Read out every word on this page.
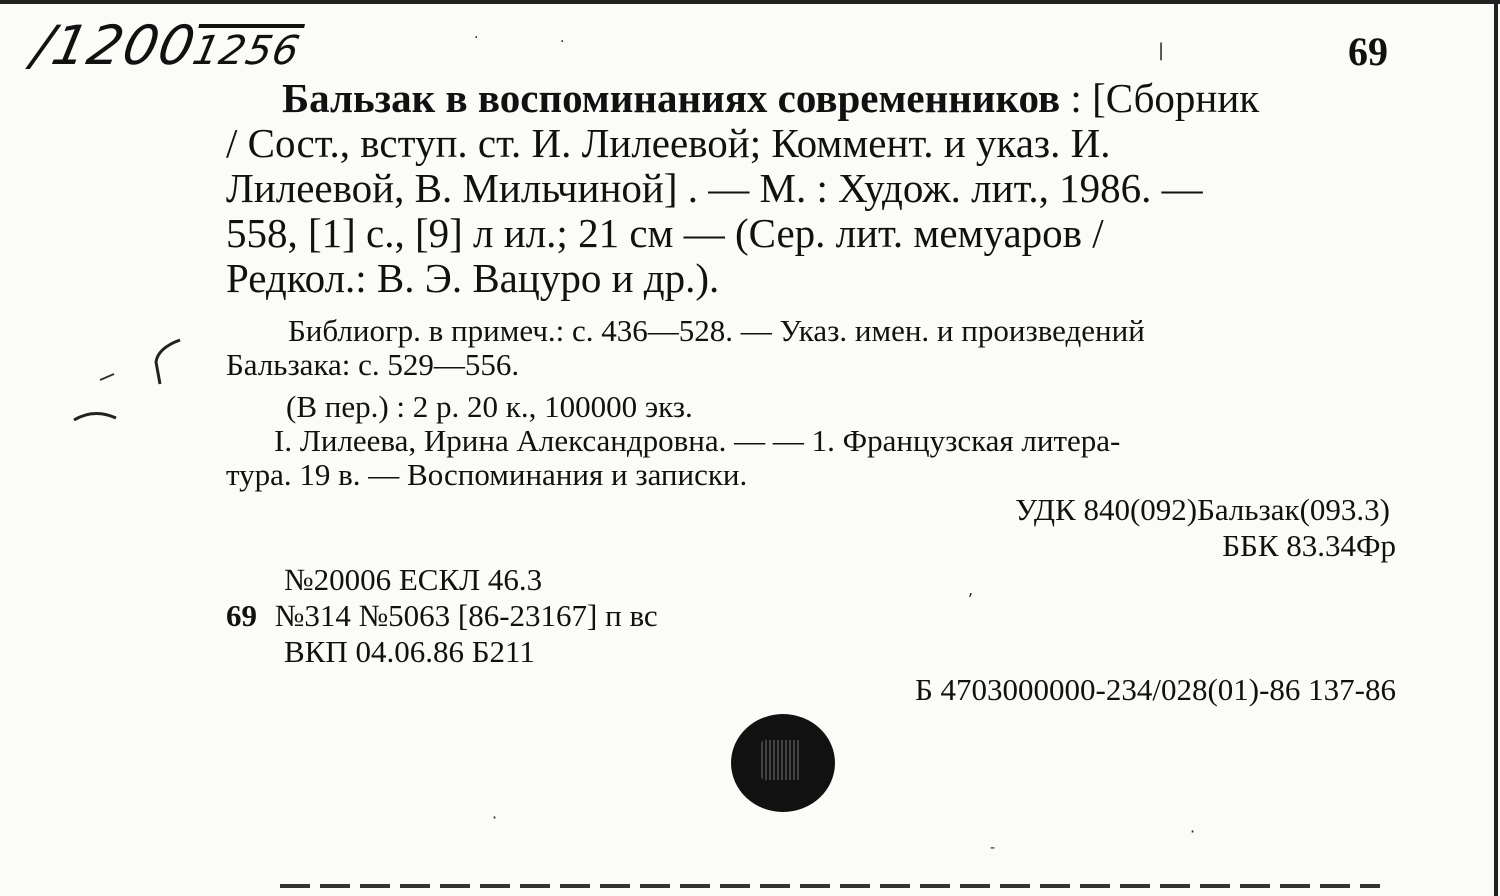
/12001256	69
Бальзак в воспоминаниях современников : [Сборник
/ Сост., вступ. ст. И. Лилеевой; Коммент. и указ. И.
Лилеевой, В. Мильчиной] . — М. : Худож. лит., 1986. —
558, [1] с., [9] л ил.; 21 см — (Сер. лит. мемуаров /
Редкол.: В. Э. Вацуро и др.).
Библиогр. в примеч.: с. 436—528. — Указ. имен. и произведений
Бальзака: с. 529—556.
(В пер.) : 2 р. 20 к., 100000 экз.
I. Лилеева, Ирина Александровна. — — 1. Французская литера-
тура. 19 в. — Воспоминания и записки.
УДК 840(092)Бальзак(093.3)
ББК 83.34Фр
№20006 ЕСКЛ 46.3
69 №314 №5063 [86-23167] п вс
ВКП 04.06.86 Б211
Б 4703000000-234/028(01)-86 137-86
·	·	|
,
·
·
-
